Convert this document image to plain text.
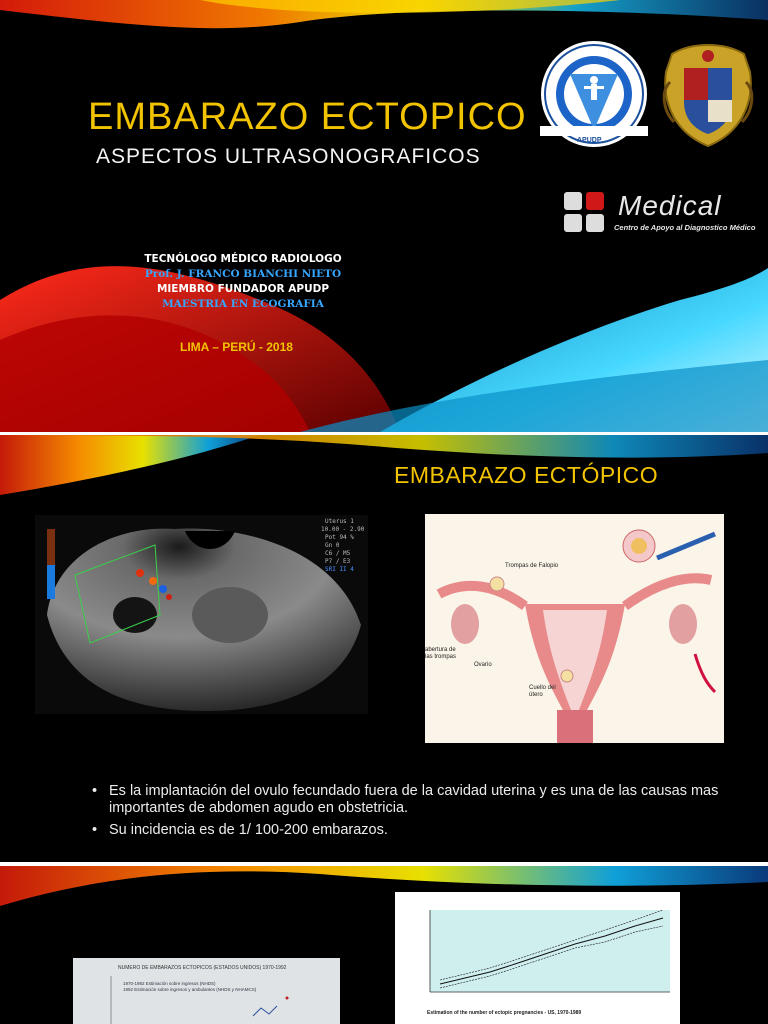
EMBARAZO ECTOPICO
ASPECTOS ULTRASONOGRAFICOS
TECNÓLOGO MÉDICO RADIOLOGO
Prof. J. FRANCO BIANCHI NIETO
MIEMBRO FUNDADOR APUDP
MAESTRIA EN ECOGRAFIA
LIMA – PERÚ - 2018
APUDP
Medical
Centro de Apoyo al Diagnostico Médico
EMBARAZO ECTÓPICO
Uterus 1
10.00 - 2.90
Pot 94 %
Gn 0
C6 / M5
P7 / E3
SRI II 4	Trompas de Falopio
abertura de las trompas
Ovario
Cuello del útero
• Es la implantación del ovulo fecundado fuera de la cavidad uterina y es una de las causas mas importantes de abdomen agudo en obstetricia.
• Su incidencia es de 1/ 100-200 embarazos.
NUMERO DE EMBARAZOS ECTOPICOS (ESTADOS UNIDOS) 1970-1992
1970-1992 Estimación sobre ingresos (NHDS)
1992 Estimación sobre ingresos y ambulantes (NHDS y NHAMCS)
Estimation of the number of ectopic pregnancies - US, 1970-1989
